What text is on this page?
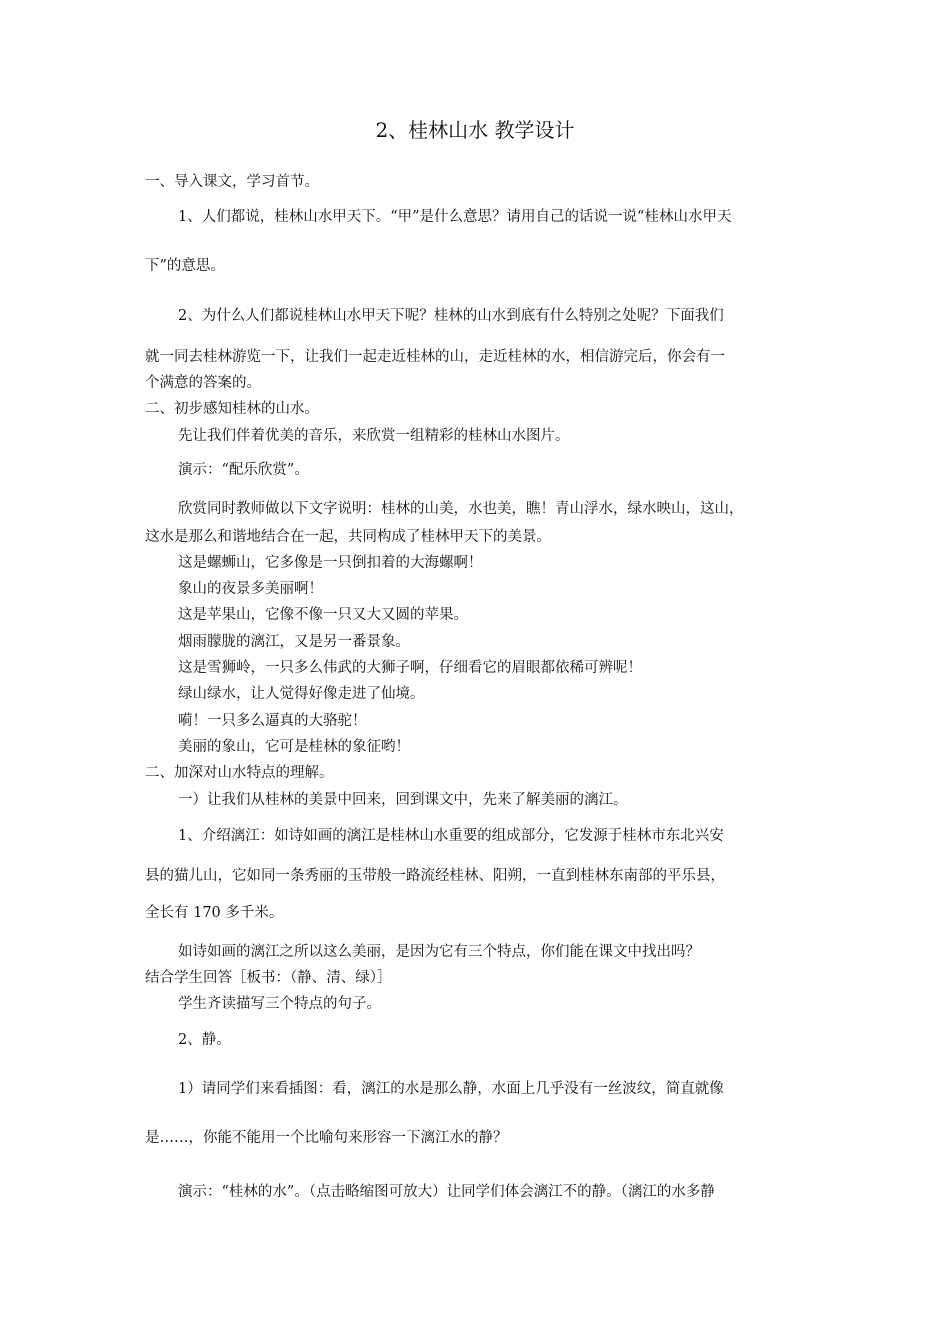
2、桂林山水 教学设计
一、导入课文，学习首节。
1、人们都说，桂林山水甲天下。“甲”是什么意思？请用自己的话说一说“桂林山水甲天
下”的意思。
2、为什么人们都说桂林山水甲天下呢？桂林的山水到底有什么特别之处呢？下面我们
就一同去桂林游览一下，让我们一起走近桂林的山，走近桂林的水，相信游完后，你会有一
个满意的答案的。
二、初步感知桂林的山水。
先让我们伴着优美的音乐，来欣赏一组精彩的桂林山水图片。
演示：“配乐欣赏”。
欣赏同时教师做以下文字说明：桂林的山美，水也美，瞧！青山浮水，绿水映山，这山，
这水是那么和谐地结合在一起，共同构成了桂林甲天下的美景。
这是螺蛳山，它多像是一只倒扣着的大海螺啊！
象山的夜景多美丽啊！
这是苹果山，它像不像一只又大又圆的苹果。
烟雨朦胧的漓江，又是另一番景象。
这是雪狮岭，一只多么伟武的大狮子啊，仔细看它的眉眼都依稀可辨呢！
绿山绿水，让人觉得好像走进了仙境。
嗬！一只多么逼真的大骆驼！
美丽的象山，它可是桂林的象征哟！
二、加深对山水特点的理解。
一）让我们从桂林的美景中回来，回到课文中，先来了解美丽的漓江。
1、介绍漓江：如诗如画的漓江是桂林山水重要的组成部分，它发源于桂林市东北兴安
县的猫儿山，它如同一条秀丽的玉带般一路流经桂林、阳朔，一直到桂林东南部的平乐县，
全长有 170 多千米。
如诗如画的漓江之所以这么美丽，是因为它有三个特点，你们能在课文中找出吗？
结合学生回答［板书：（静、清、绿）］
学生齐读描写三个特点的句子。
2、静。
1）请同学们来看插图：看，漓江的水是那么静，水面上几乎没有一丝波纹，简直就像
是……，你能不能用一个比喻句来形容一下漓江水的静？
演示：“桂林的水”。（点击略缩图可放大）让同学们体会漓江不的静。（漓江的水多静
